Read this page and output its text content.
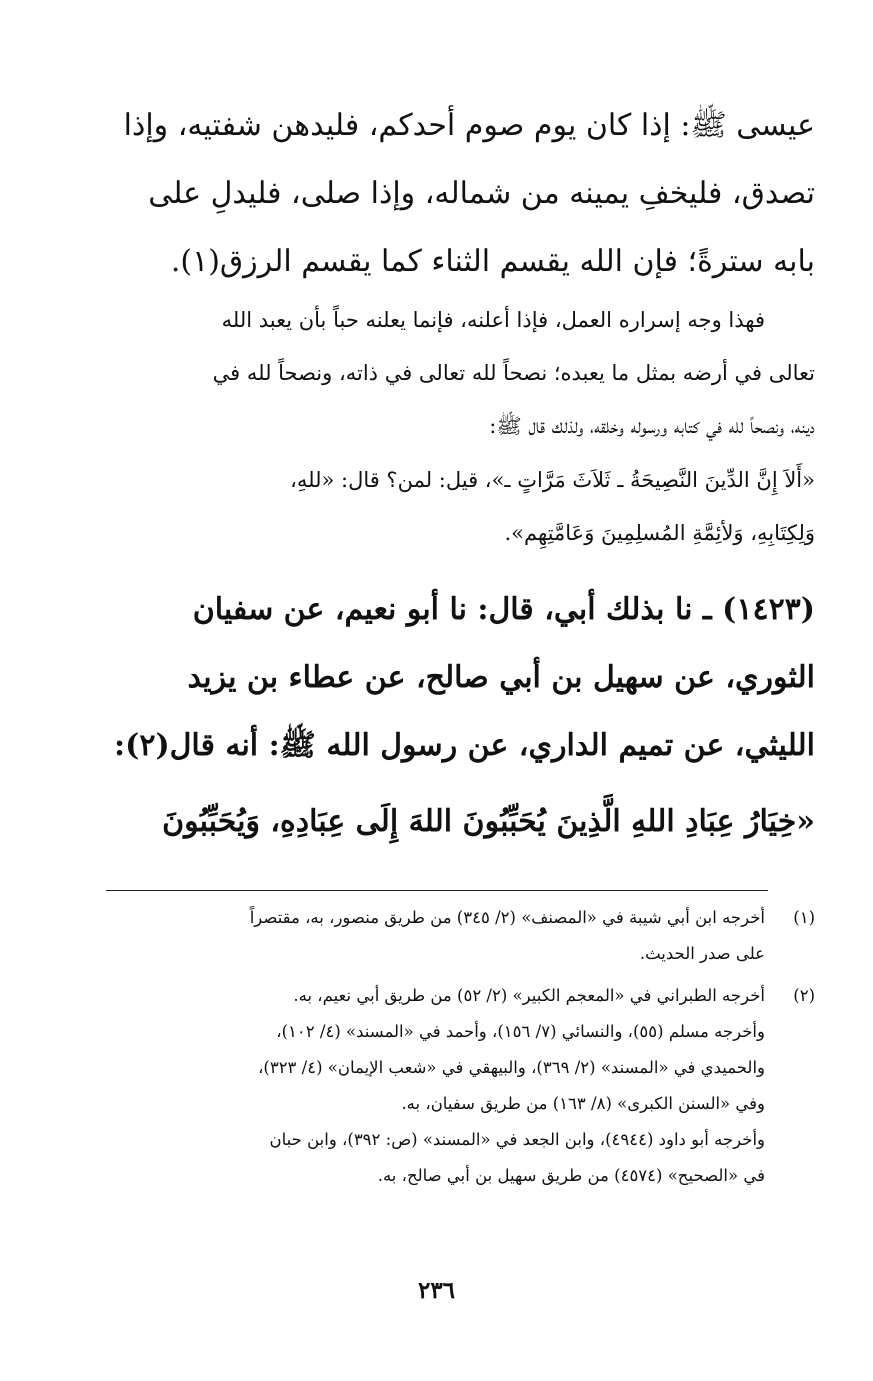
عيسى ﷺ: إذا كان يوم صوم أحدكم، فليدهن شفتيه، وإذا
تصدق، فليخفِ يمينه من شماله، وإذا صلى، فليدلِ على
بابه سترةً؛ فإن الله يقسم الثناء كما يقسم الرزق(١).
فهذا وجه إسراره العمل، فإذا أعلنه، فإنما يعلنه حباً بأن يعبد الله
تعالى في أرضه بمثل ما يعبده؛ نصحاً لله تعالى في ذاته، ونصحاً لله في
دينه، ونصحاً لله في كتابه ورسوله وخلقه، ولذلك قال ﷺ:
«أَلاَ إِنَّ الدِّينَ النَّصِيحَةُ ـ ثَلاَثَ مَرَّاتٍ ـ»، قيل: لمن؟ قال: «للهِ،
وَلِكِتَابِهِ، وَلأئِمَّةِ المُسلِمِينَ وَعَامَّتِهِم».
(١٤٢٣) ـ نا بذلك أبي، قال: نا أبو نعيم، عن سفيان
الثوري، عن سهيل بن أبي صالح، عن عطاء بن يزيد
الليثي، عن تميم الداري، عن رسول الله ﷺ: أنه قال(٢):
«خِيَارُ عِبَادِ اللهِ الَّذِينَ يُحَبِّبُونَ اللهَ إِلَى عِبَادِهِ، وَيُحَبِّبُونَ
(١)
أخرجه ابن أبي شيبة في «المصنف» (٢/ ٣٤٥) من طريق منصور، به، مقتصراً
على صدر الحديث.
(٢)
أخرجه الطبراني في «المعجم الكبير» (٢/ ٥٢) من طريق أبي نعيم، به.
وأخرجه مسلم (٥٥)، والنسائي (٧/ ١٥٦)، وأحمد في «المسند» (٤/ ١٠٢)،
والحميدي في «المسند» (٢/ ٣٦٩)، والبيهقي في «شعب الإيمان» (٤/ ٣٢٣)،
وفي «السنن الكبرى» (٨/ ١٦٣) من طريق سفيان، به.
وأخرجه أبو داود (٤٩٤٤)، وابن الجعد في «المسند» (ص: ٣٩٢)، وابن حبان
في «الصحيح» (٤٥٧٤) من طريق سهيل بن أبي صالح، به.
٢٣٦
